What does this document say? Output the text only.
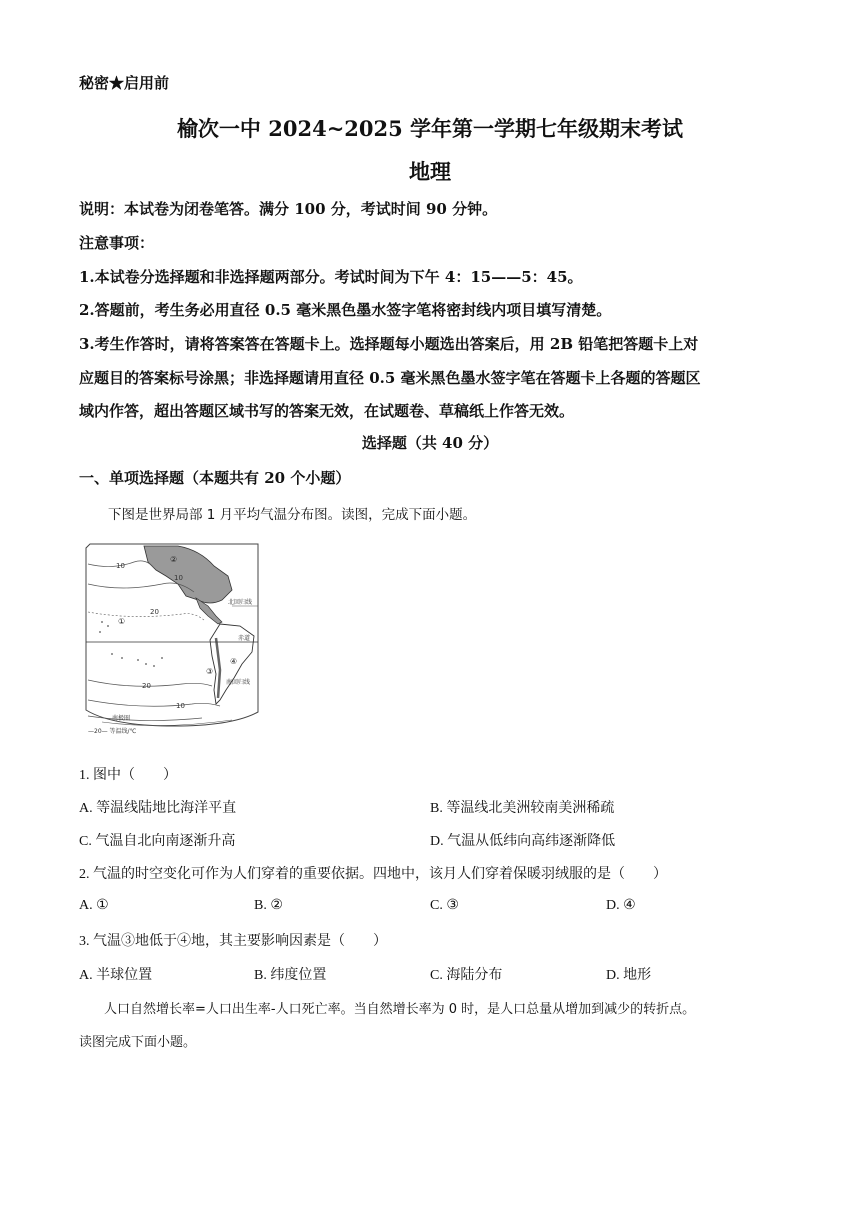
秘密★启用前
榆次一中 2024~2025 学年第一学期七年级期末考试
地理
说明：本试卷为闭卷笔答。满分 100 分，考试时间 90 分钟。
注意事项：
1.本试卷分选择题和非选择题两部分。考试时间为下午 4：15——5：45。
2.答题前，考生务必用直径 0.5 毫米黑色墨水签字笔将密封线内项目填写清楚。
3.考生作答时，请将答案答在答题卡上。选择题每小题选出答案后，用 2B 铅笔把答题卡上对
应题目的答案标号涂黑；非选择题请用直径 0.5 毫米黑色墨水签字笔在答题卡上各题的答题区
域内作答，超出答题区域书写的答案无效，在试题卷、草稿纸上作答无效。
选择题（共 40 分）
一、单项选择题（本题共有 20 个小题）
下图是世界局部 1 月平均气温分布图。读图，完成下面小题。
10
20
10
20
10
北回归线
赤道
南回归线
南极圈
①
②
③
④
—20— 等温线/℃
1. 图中（　　）
A. 等温线陆地比海洋平直	B. 等温线北美洲较南美洲稀疏
C. 气温自北向南逐渐升高	D. 气温从低纬向高纬逐渐降低
2. 气温的时空变化可作为人们穿着的重要依据。四地中，该月人们穿着保暖羽绒服的是（　　）
A. ①	B. ②	C. ③	D. ④
3. 气温③地低于④地，其主要影响因素是（　　）
A. 半球位置	B. 纬度位置	C. 海陆分布	D. 地形
人口自然增长率=人口出生率-人口死亡率。当自然增长率为 0 时，是人口总量从增加到减少的转折点。
读图完成下面小题。
